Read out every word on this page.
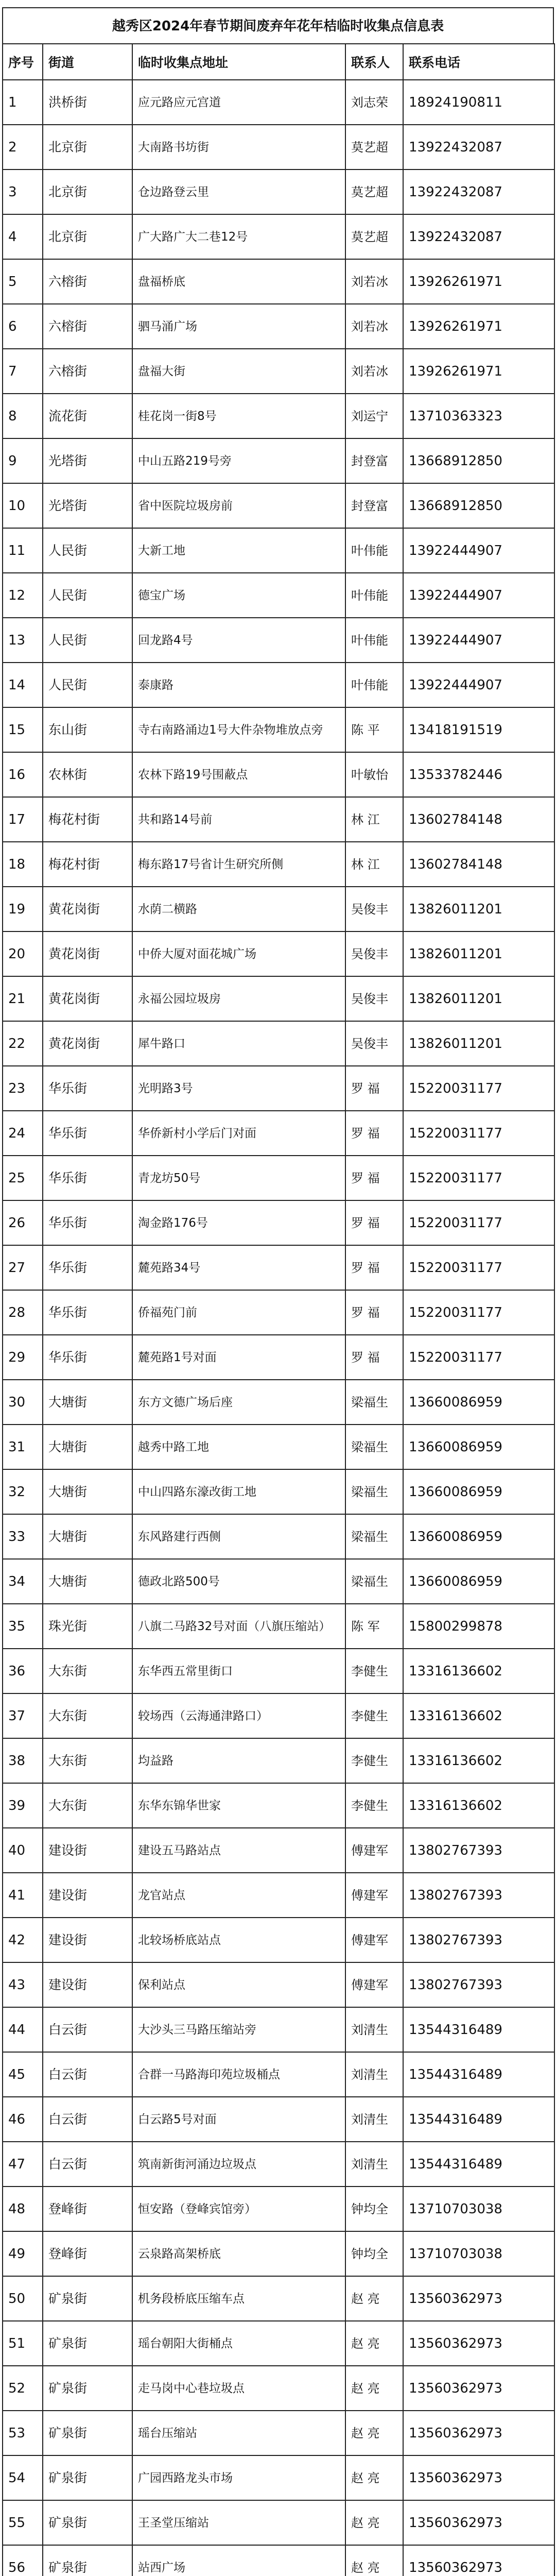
越秀区2024年春节期间废弃年花年桔临时收集点信息表
序号	街道	临时收集点地址	联系人	联系电话
1	洪桥街	应元路应元宫道	刘志荣	18924190811
2	北京街	大南路书坊街	莫艺超	13922432087
3	北京街	仓边路登云里	莫艺超	13922432087
4	北京街	广大路广大二巷12号	莫艺超	13922432087
5	六榕街	盘福桥底	刘若冰	13926261971
6	六榕街	驷马涌广场	刘若冰	13926261971
7	六榕街	盘福大街	刘若冰	13926261971
8	流花街	桂花岗一街8号	刘运宁	13710363323
9	光塔街	中山五路219号旁	封登富	13668912850
10	光塔街	省中医院垃圾房前	封登富	13668912850
11	人民街	大新工地	叶伟能	13922444907
12	人民街	德宝广场	叶伟能	13922444907
13	人民街	回龙路4号	叶伟能	13922444907
14	人民街	泰康路	叶伟能	13922444907
15	东山街	寺右南路涌边1号大件杂物堆放点旁	陈 平	13418191519
16	农林街	农林下路19号围蔽点	叶敏怡	13533782446
17	梅花村街	共和路14号前	林 江	13602784148
18	梅花村街	梅东路17号省计生研究所侧	林 江	13602784148
19	黄花岗街	水荫二横路	吴俊丰	13826011201
20	黄花岗街	中侨大厦对面花城广场	吴俊丰	13826011201
21	黄花岗街	永福公园垃圾房	吴俊丰	13826011201
22	黄花岗街	犀牛路口	吴俊丰	13826011201
23	华乐街	光明路3号	罗 福	15220031177
24	华乐街	华侨新村小学后门对面	罗 福	15220031177
25	华乐街	青龙坊50号	罗 福	15220031177
26	华乐街	淘金路176号	罗 福	15220031177
27	华乐街	麓苑路34号	罗 福	15220031177
28	华乐街	侨福苑门前	罗 福	15220031177
29	华乐街	麓苑路1号对面	罗 福	15220031177
30	大塘街	东方文德广场后座	梁福生	13660086959
31	大塘街	越秀中路工地	梁福生	13660086959
32	大塘街	中山四路东濠改街工地	梁福生	13660086959
33	大塘街	东风路建行西侧	梁福生	13660086959
34	大塘街	德政北路500号	梁福生	13660086959
35	珠光街	八旗二马路32号对面（八旗压缩站）	陈 军	15800299878
36	大东街	东华西五常里街口	李健生	13316136602
37	大东街	较场西（云海通津路口）	李健生	13316136602
38	大东街	均益路	李健生	13316136602
39	大东街	东华东锦华世家	李健生	13316136602
40	建设街	建设五马路站点	傅建军	13802767393
41	建设街	龙官站点	傅建军	13802767393
42	建设街	北较场桥底站点	傅建军	13802767393
43	建设街	保利站点	傅建军	13802767393
44	白云街	大沙头三马路压缩站旁	刘清生	13544316489
45	白云街	合群一马路海印苑垃圾桶点	刘清生	13544316489
46	白云街	白云路5号对面	刘清生	13544316489
47	白云街	筑南新街河涌边垃圾点	刘清生	13544316489
48	登峰街	恒安路（登峰宾馆旁）	钟均全	13710703038
49	登峰街	云泉路高架桥底	钟均全	13710703038
50	矿泉街	机务段桥底压缩车点	赵 亮	13560362973
51	矿泉街	瑶台朝阳大街桶点	赵 亮	13560362973
52	矿泉街	走马岗中心巷垃圾点	赵 亮	13560362973
53	矿泉街	瑶台压缩站	赵 亮	13560362973
54	矿泉街	广园西路龙头市场	赵 亮	13560362973
55	矿泉街	王圣堂压缩站	赵 亮	13560362973
56	矿泉街	站西广场	赵 亮	13560362973
